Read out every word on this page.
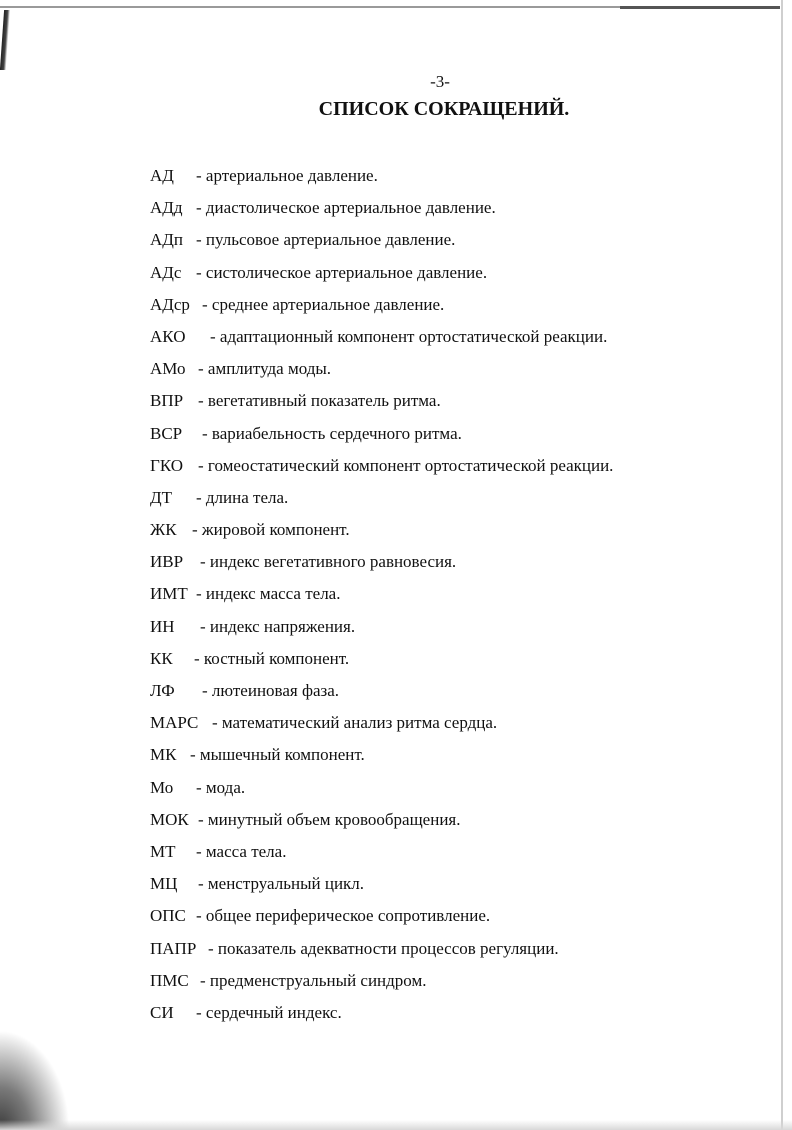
-3-
СПИСОК СОКРАЩЕНИЙ.
АД - артериальное давление.
АДд - диастолическое артериальное давление.
АДп - пульсовое артериальное давление.
АДс - систолическое артериальное давление.
АДср - среднее артериальное давление.
АКО - адаптационный компонент ортостатической реакции.
АМо - амплитуда моды.
ВПР - вегетативный показатель ритма.
ВСР - вариабельность сердечного ритма.
ГКО - гомеостатический компонент ортостатической реакции.
ДТ - длина тела.
ЖК - жировой компонент.
ИВР - индекс вегетативного равновесия.
ИМТ - индекс масса тела.
ИН - индекс напряжения.
КК - костный компонент.
ЛФ - лютеиновая фаза.
МАРС - математический анализ ритма сердца.
МК - мышечный компонент.
Мо - мода.
МОК - минутный объем кровообращения.
МТ - масса тела.
МЦ - менструальный цикл.
ОПС - общее периферическое сопротивление.
ПАПР - показатель адекватности процессов регуляции.
ПМС - предменструальный синдром.
СИ - сердечный индекс.
